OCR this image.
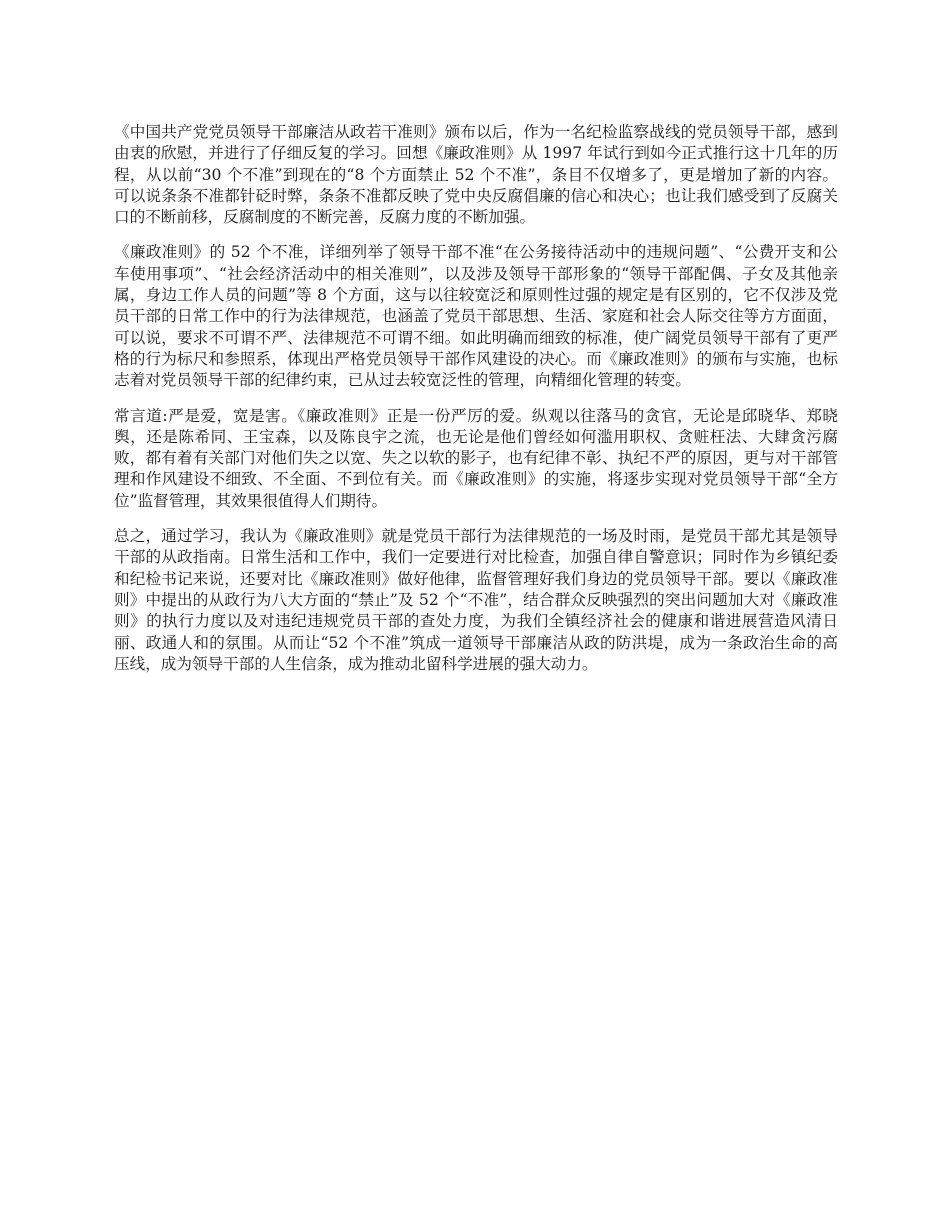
《中国共产党党员领导干部廉洁从政若干准则》颁布以后，作为一名纪检监察战线的党员领导干部，感到由衷的欣慰，并进行了仔细反复的学习。回想《廉政准则》从 1997 年试行到如今正式推行这十几年的历程，从以前“30 个不准”到现在的“8 个方面禁止 52 个不准”，条目不仅增多了，更是增加了新的内容。可以说条条不准都针砭时弊，条条不准都反映了党中央反腐倡廉的信心和决心；也让我们感受到了反腐关口的不断前移，反腐制度的不断完善，反腐力度的不断加强。

《廉政准则》的 52 个不准，详细列举了领导干部不准“在公务接待活动中的违规问题”、“公费开支和公车使用事项”、“社会经济活动中的相关准则”，以及涉及领导干部形象的“领导干部配偶、子女及其他亲属，身边工作人员的问题”等 8 个方面，这与以往较宽泛和原则性过强的规定是有区别的，它不仅涉及党员干部的日常工作中的行为法律规范，也涵盖了党员干部思想、生活、家庭和社会人际交往等方方面面，可以说，要求不可谓不严、法律规范不可谓不细。如此明确而细致的标准，使广阔党员领导干部有了更严格的行为标尺和参照系，体现出严格党员领导干部作风建设的决心。而《廉政准则》的颁布与实施，也标志着对党员领导干部的纪律约束，已从过去较宽泛性的管理，向精细化管理的转变。

常言道:严是爱，宽是害。《廉政准则》正是一份严厉的爱。纵观以往落马的贪官，无论是邱晓华、郑晓舆，还是陈希同、王宝森，以及陈良宇之流，也无论是他们曾经如何滥用职权、贪赃枉法、大肆贪污腐败，都有着有关部门对他们失之以宽、失之以软的影子，也有纪律不彰、执纪不严的原因，更与对干部管理和作风建设不细致、不全面、不到位有关。而《廉政准则》的实施，将逐步实现对党员领导干部“全方位”监督管理，其效果很值得人们期待。

总之，通过学习，我认为《廉政准则》就是党员干部行为法律规范的一场及时雨，是党员干部尤其是领导干部的从政指南。日常生活和工作中，我们一定要进行对比检查，加强自律自警意识；同时作为乡镇纪委和纪检书记来说，还要对比《廉政准则》做好他律，监督管理好我们身边的党员领导干部。要以《廉政准则》中提出的从政行为八大方面的“禁止”及 52 个“不准”，结合群众反映强烈的突出问题加大对《廉政准则》的执行力度以及对违纪违规党员干部的查处力度，为我们全镇经济社会的健康和谐进展营造风清日丽、政通人和的氛围。从而让“52 个不准”筑成一道领导干部廉洁从政的防洪堤，成为一条政治生命的高压线，成为领导干部的人生信条，成为推动北留科学进展的强大动力。
